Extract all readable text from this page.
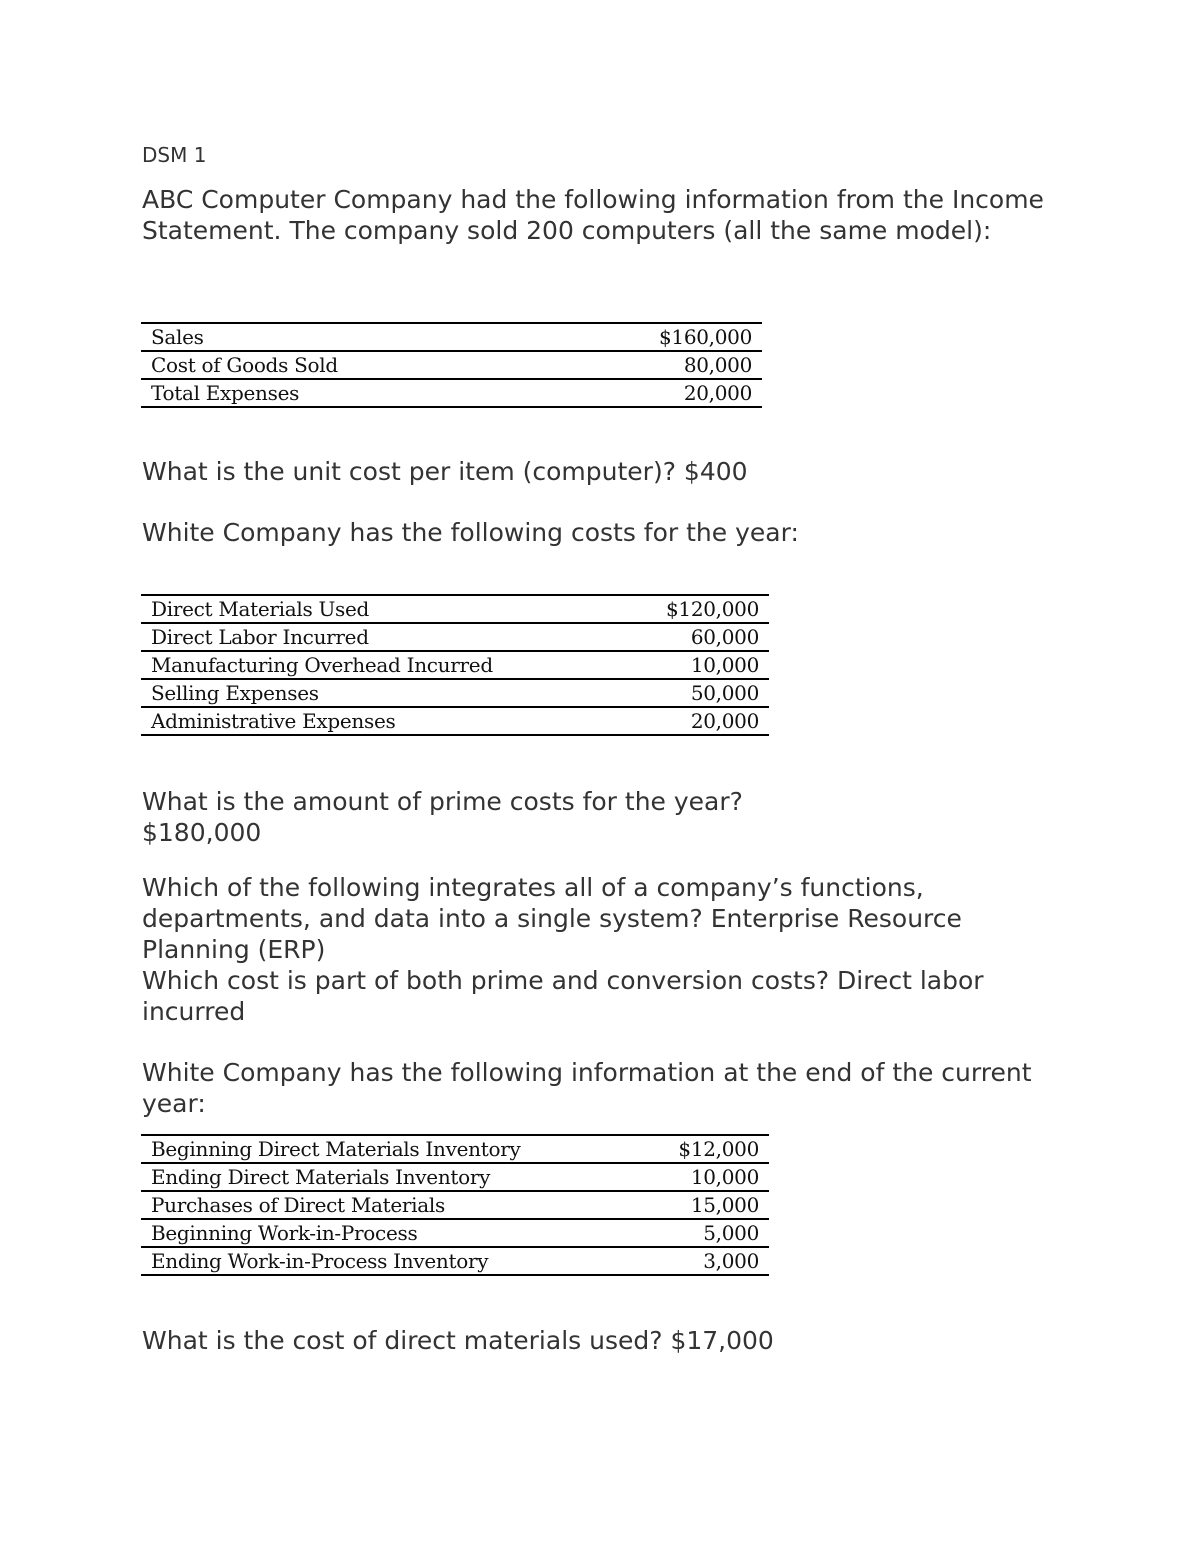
DSM 1
ABC Computer Company had the following information from the Income Statement. The company sold 200 computers (all the same model):
Sales	$160,000
Cost of Goods Sold	80,000
Total Expenses	20,000
What is the unit cost per item (computer)? $400
White Company has the following costs for the year:
Direct Materials Used	$120,000
Direct Labor Incurred	60,000
Manufacturing Overhead Incurred	10,000
Selling Expenses	50,000
Administrative Expenses	20,000
What is the amount of prime costs for the year?
$180,000
Which of the following integrates all of a company’s functions, departments, and data into a single system? Enterprise Resource Planning (ERP)
Which cost is part of both prime and conversion costs? Direct labor incurred
White Company has the following information at the end of the current year:
Beginning Direct Materials Inventory	$12,000
Ending Direct Materials Inventory	10,000
Purchases of Direct Materials	15,000
Beginning Work-in-Process	5,000
Ending Work-in-Process Inventory	3,000
What is the cost of direct materials used? $17,000
